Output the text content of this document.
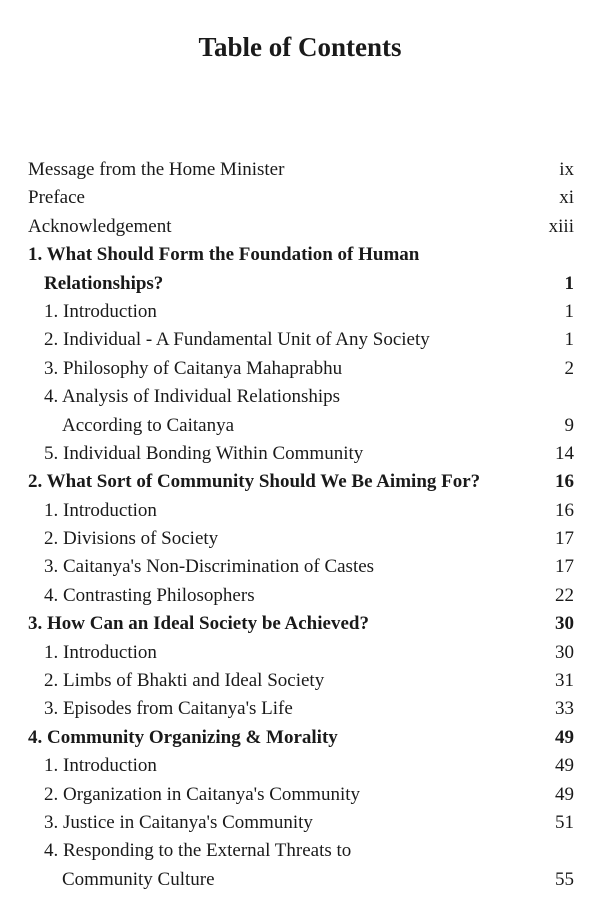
Table of Contents
Message from the Home Minister	ix
Preface	xi
Acknowledgement	xiii
1. What Should Form the Foundation of Human
Relationships?	1
1. Introduction	1
2. Individual - A Fundamental Unit of Any Society	1
3. Philosophy of Caitanya Mahaprabhu	2
4. Analysis of Individual Relationships
According to Caitanya	9
5. Individual Bonding Within Community	14
2. What Sort of Community Should We Be Aiming For?	16
1. Introduction	16
2. Divisions of Society	17
3. Caitanya's Non-Discrimination of Castes	17
4. Contrasting Philosophers	22
3. How Can an Ideal Society be Achieved?	30
1. Introduction	30
2. Limbs of Bhakti and Ideal Society	31
3. Episodes from Caitanya's Life	33
4. Community Organizing & Morality	49
1. Introduction	49
2. Organization in Caitanya's Community	49
3. Justice in Caitanya's Community	51
4. Responding to the External Threats to
Community Culture	55
